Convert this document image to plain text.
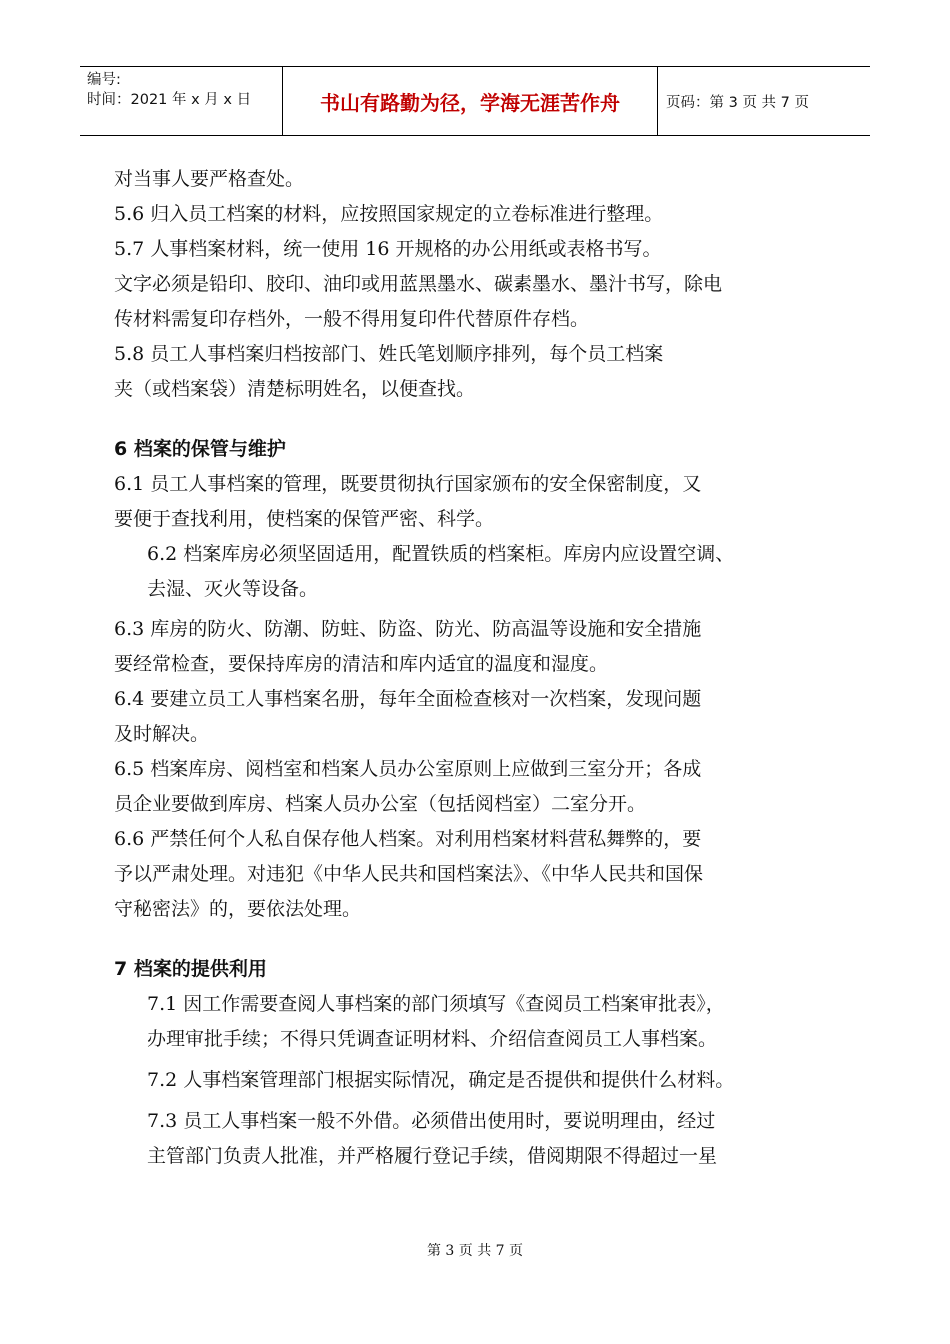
编号:
时间：2021 年 x 月 x 日	书山有路勤为径，学海无涯苦作舟	页码：第 3 页 共 7 页

对当事人要严格查处。

5.6 归入员工档案的材料，应按照国家规定的立卷标准进行整理。

5.7 人事档案材料，统一使用 16 开规格的办公用纸或表格书写。

文字必须是铅印、胶印、油印或用蓝黑墨水、碳素墨水、墨汁书写，除电

传材料需复印存档外，一般不得用复印件代替原件存档。

5.8 员工人事档案归档按部门、姓氏笔划顺序排列，每个员工档案

夹（或档案袋）清楚标明姓名，以便查找。

6 档案的保管与维护

6.1 员工人事档案的管理，既要贯彻执行国家颁布的安全保密制度，又

要便于查找利用，使档案的保管严密、科学。

6.2 档案库房必须坚固适用，配置铁质的档案柜。库房内应设置空调、

去湿、灭火等设备。

6.3 库房的防火、防潮、防蛀、防盗、防光、防高温等设施和安全措施

要经常检查，要保持库房的清洁和库内适宜的温度和湿度。

6.4 要建立员工人事档案名册，每年全面检查核对一次档案，发现问题

及时解决。

6.5 档案库房、阅档室和档案人员办公室原则上应做到三室分开；各成

员企业要做到库房、档案人员办公室（包括阅档室）二室分开。

6.6 严禁任何个人私自保存他人档案。对利用档案材料营私舞弊的，要

予以严肃处理。对违犯《中华人民共和国档案法》、《中华人民共和国保

守秘密法》的，要依法处理。

7 档案的提供利用

7.1 因工作需要查阅人事档案的部门须填写《查阅员工档案审批表》，

办理审批手续；不得只凭调查证明材料、介绍信查阅员工人事档案。

7.2 人事档案管理部门根据实际情况，确定是否提供和提供什么材料。

7.3 员工人事档案一般不外借。必须借出使用时，要说明理由，经过

主管部门负责人批准，并严格履行登记手续，借阅期限不得超过一星

第 3 页 共 7 页
